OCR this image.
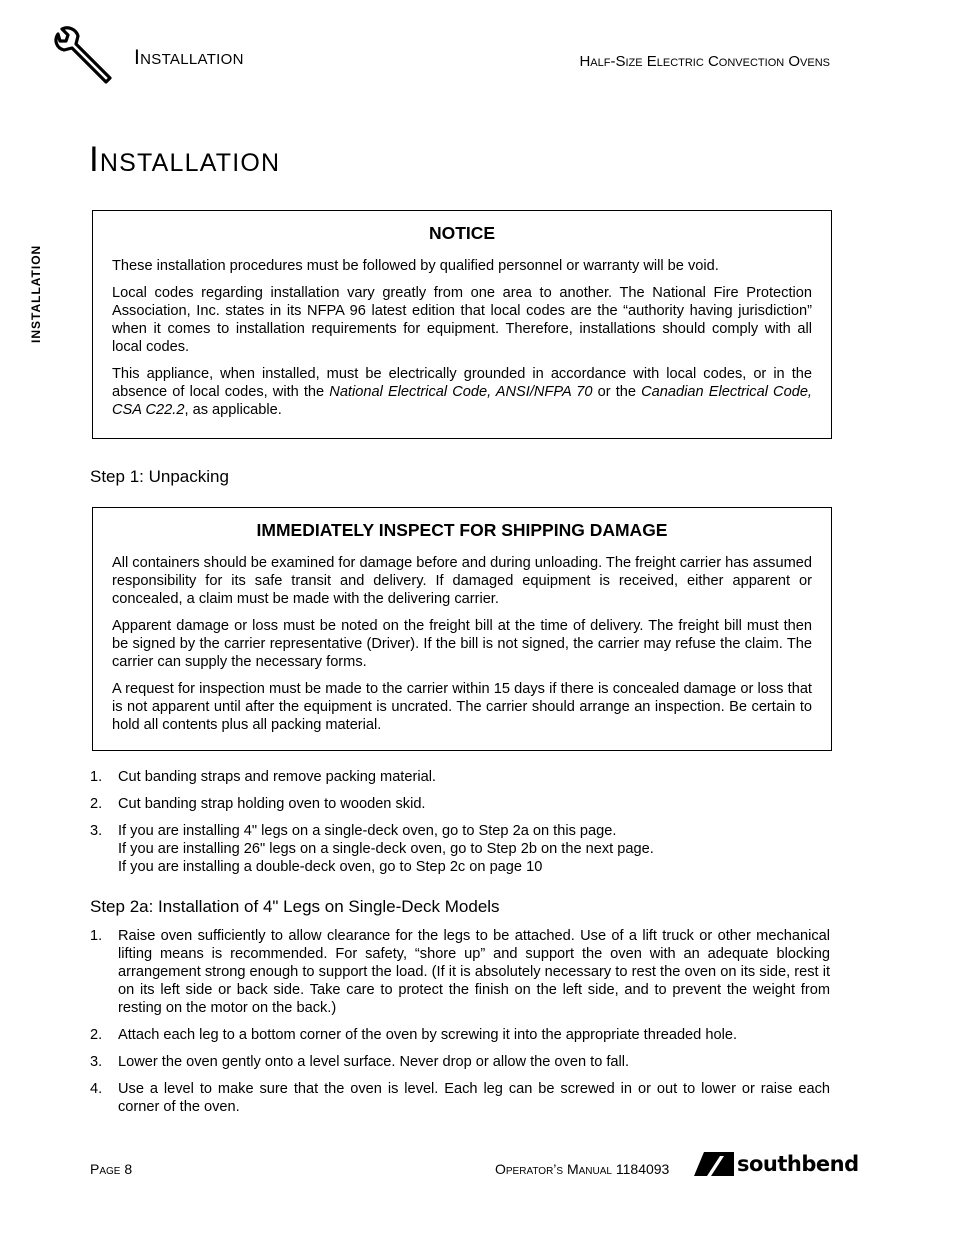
Installation	Half-Size Electric Convection Ovens
INSTALLATION
Installation
NOTICE

These installation procedures must be followed by qualified personnel or warranty will be void.

Local codes regarding installation vary greatly from one area to another. The National Fire Protection Association, Inc. states in its NFPA 96 latest edition that local codes are the “authority having jurisdiction” when it comes to installation requirements for equipment. Therefore, installations should comply with all local codes.

This appliance, when installed, must be electrically grounded in accordance with local codes, or in the absence of local codes, with the National Electrical Code, ANSI/NFPA 70 or the Canadian Electrical Code, CSA C22.2, as applicable.

Step 1: Unpacking
IMMEDIATELY INSPECT FOR SHIPPING DAMAGE

All containers should be examined for damage before and during unloading. The freight carrier has assumed responsibility for its safe transit and delivery. If damaged equipment is received, either apparent or concealed, a claim must be made with the delivering carrier.

Apparent damage or loss must be noted on the freight bill at the time of delivery. The freight bill must then be signed by the carrier representative (Driver). If the bill is not signed, the carrier may refuse the claim. The carrier can supply the necessary forms.

A request for inspection must be made to the carrier within 15 days if there is concealed damage or loss that is not apparent until after the equipment is uncrated. The carrier should arrange an inspection. Be certain to hold all contents plus all packing material.

1. Cut banding straps and remove packing material.
2. Cut banding strap holding oven to wooden skid.
3. If you are installing 4" legs on a single-deck oven, go to Step 2a on this page.
If you are installing 26" legs on a single-deck oven, go to Step 2b on the next page.
If you are installing a double-deck oven, go to Step 2c on page 10
Step 2a: Installation of 4" Legs on Single-Deck Models
1. Raise oven sufficiently to allow clearance for the legs to be attached. Use of a lift truck or other mechanical lifting means is recommended. For safety, “shore up” and support the oven with an adequate blocking arrangement strong enough to support the load. (If it is absolutely necessary to rest the oven on its side, rest it on its left side or back side. Take care to protect the finish on the left side, and to prevent the weight from resting on the motor on the back.)
2. Attach each leg to a bottom corner of the oven by screwing it into the appropriate threaded hole.
3. Lower the oven gently onto a level surface. Never drop or allow the oven to fall.
4. Use a level to make sure that the oven is level. Each leg can be screwed in or out to lower or raise each corner of the oven.
Page 8	Operator’s Manual 1184093	southbend
